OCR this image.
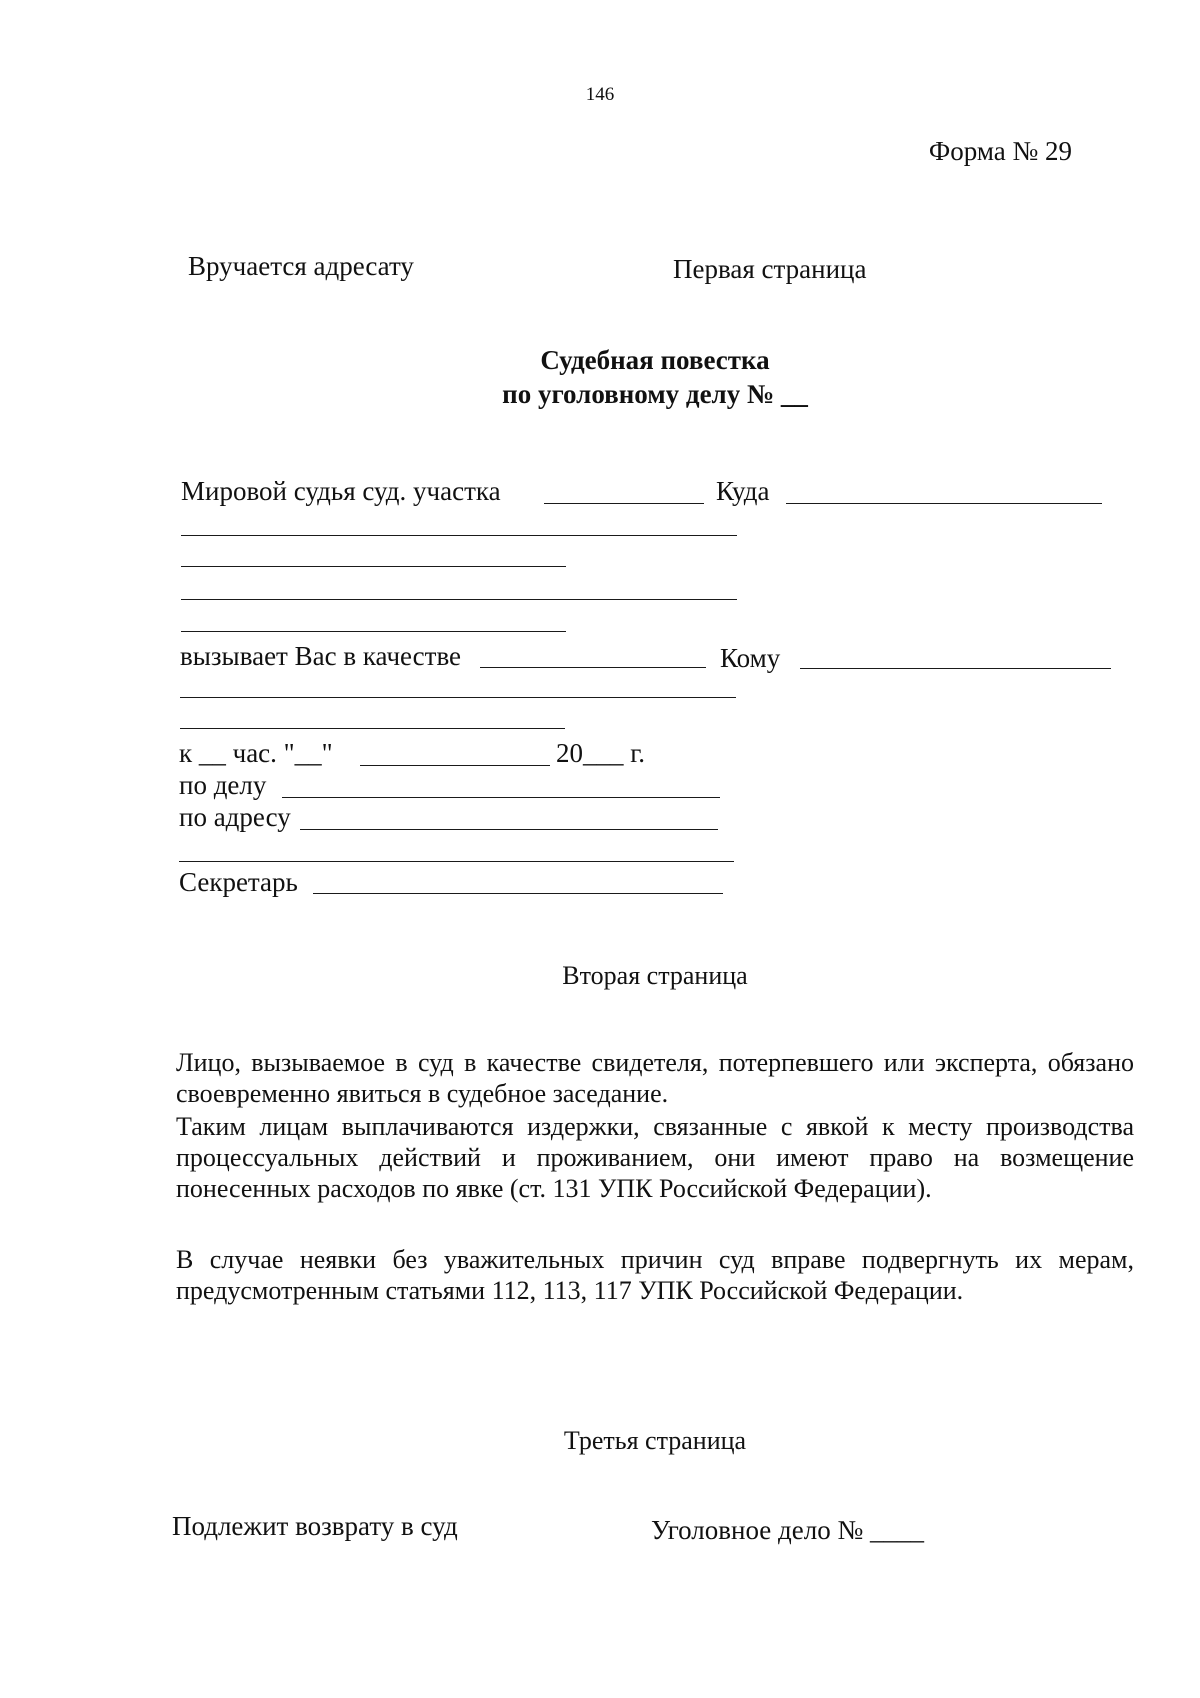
146
Форма № 29
Вручается адресату	Первая страница
Судебная повестка
по уголовному делу № __
Мировой судья суд. участка	Куда
вызывает Вас в качестве	Кому
к __ час. "__"	20___ г.
по делу
по адресу
Секретарь
Вторая страница
Лицо, вызываемое в суд в качестве свидетеля, потерпевшего или эксперта, обязано своевременно явиться в судебное заседание.
Таким лицам выплачиваются издержки, связанные с явкой к месту производства процессуальных действий и проживанием, они имеют право на возмещение понесенных расходов по явке (ст. 131 УПК Российской Федерации).
В случае неявки без уважительных причин суд вправе подвергнуть их мерам, предусмотренным статьями 112, 113, 117 УПК Российской Федерации.
Третья страница
Подлежит возврату в суд	Уголовное дело № ____
